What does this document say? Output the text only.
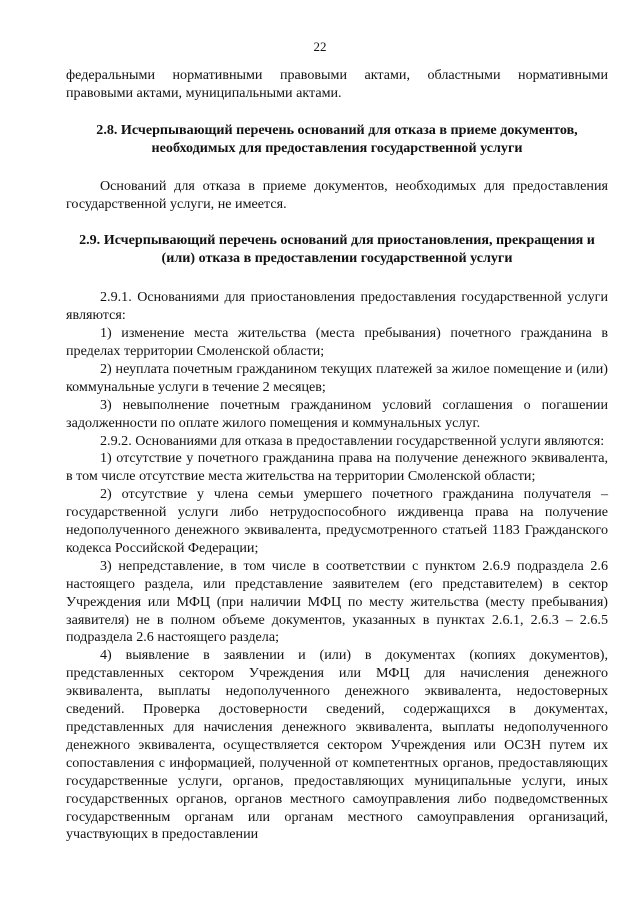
22

федеральными нормативными правовыми актами, областными нормативными правовыми актами, муниципальными актами.

2.8. Исчерпывающий перечень оснований для отказа в приеме документов, необходимых для предоставления государственной услуги

Оснований для отказа в приеме документов, необходимых для предоставления государственной услуги, не имеется.

2.9. Исчерпывающий перечень оснований для приостановления, прекращения и (или) отказа в предоставлении государственной услуги

2.9.1. Основаниями для приостановления предоставления государственной услуги являются:

1) изменение места жительства (места пребывания) почетного гражданина в пределах территории Смоленской области;

2) неуплата почетным гражданином текущих платежей за жилое помещение и (или) коммунальные услуги в течение 2 месяцев;

3) невыполнение почетным гражданином условий соглашения о погашении задолженности по оплате жилого помещения и коммунальных услуг.

2.9.2. Основаниями для отказа в предоставлении государственной услуги являются:

1) отсутствие у почетного гражданина права на получение денежного эквивалента, в том числе отсутствие места жительства на территории Смоленской области;

2) отсутствие у члена семьи умершего почетного гражданина получателя – государственной услуги либо нетрудоспособного иждивенца права на получение недополученного денежного эквивалента, предусмотренного статьей 1183 Гражданского кодекса Российской Федерации;

3) непредставление, в том числе в соответствии с пунктом 2.6.9 подраздела 2.6 настоящего раздела, или представление заявителем (его представителем) в сектор Учреждения или МФЦ (при наличии МФЦ по месту жительства (месту пребывания) заявителя) не в полном объеме документов, указанных в пунктах 2.6.1, 2.6.3 – 2.6.5 подраздела 2.6 настоящего раздела;

4) выявление в заявлении и (или) в документах (копиях документов), представленных сектором Учреждения или МФЦ для начисления денежного эквивалента, выплаты недополученного денежного эквивалента, недостоверных сведений. Проверка достоверности сведений, содержащихся в документах, представленных для начисления денежного эквивалента, выплаты недополученного денежного эквивалента, осуществляется сектором Учреждения или ОСЗН путем их сопоставления с информацией, полученной от компетентных органов, предоставляющих государственные услуги, органов, предоставляющих муниципальные услуги, иных государственных органов, органов местного самоуправления либо подведомственных государственным органам или органам местного самоуправления организаций, участвующих в предоставлении
